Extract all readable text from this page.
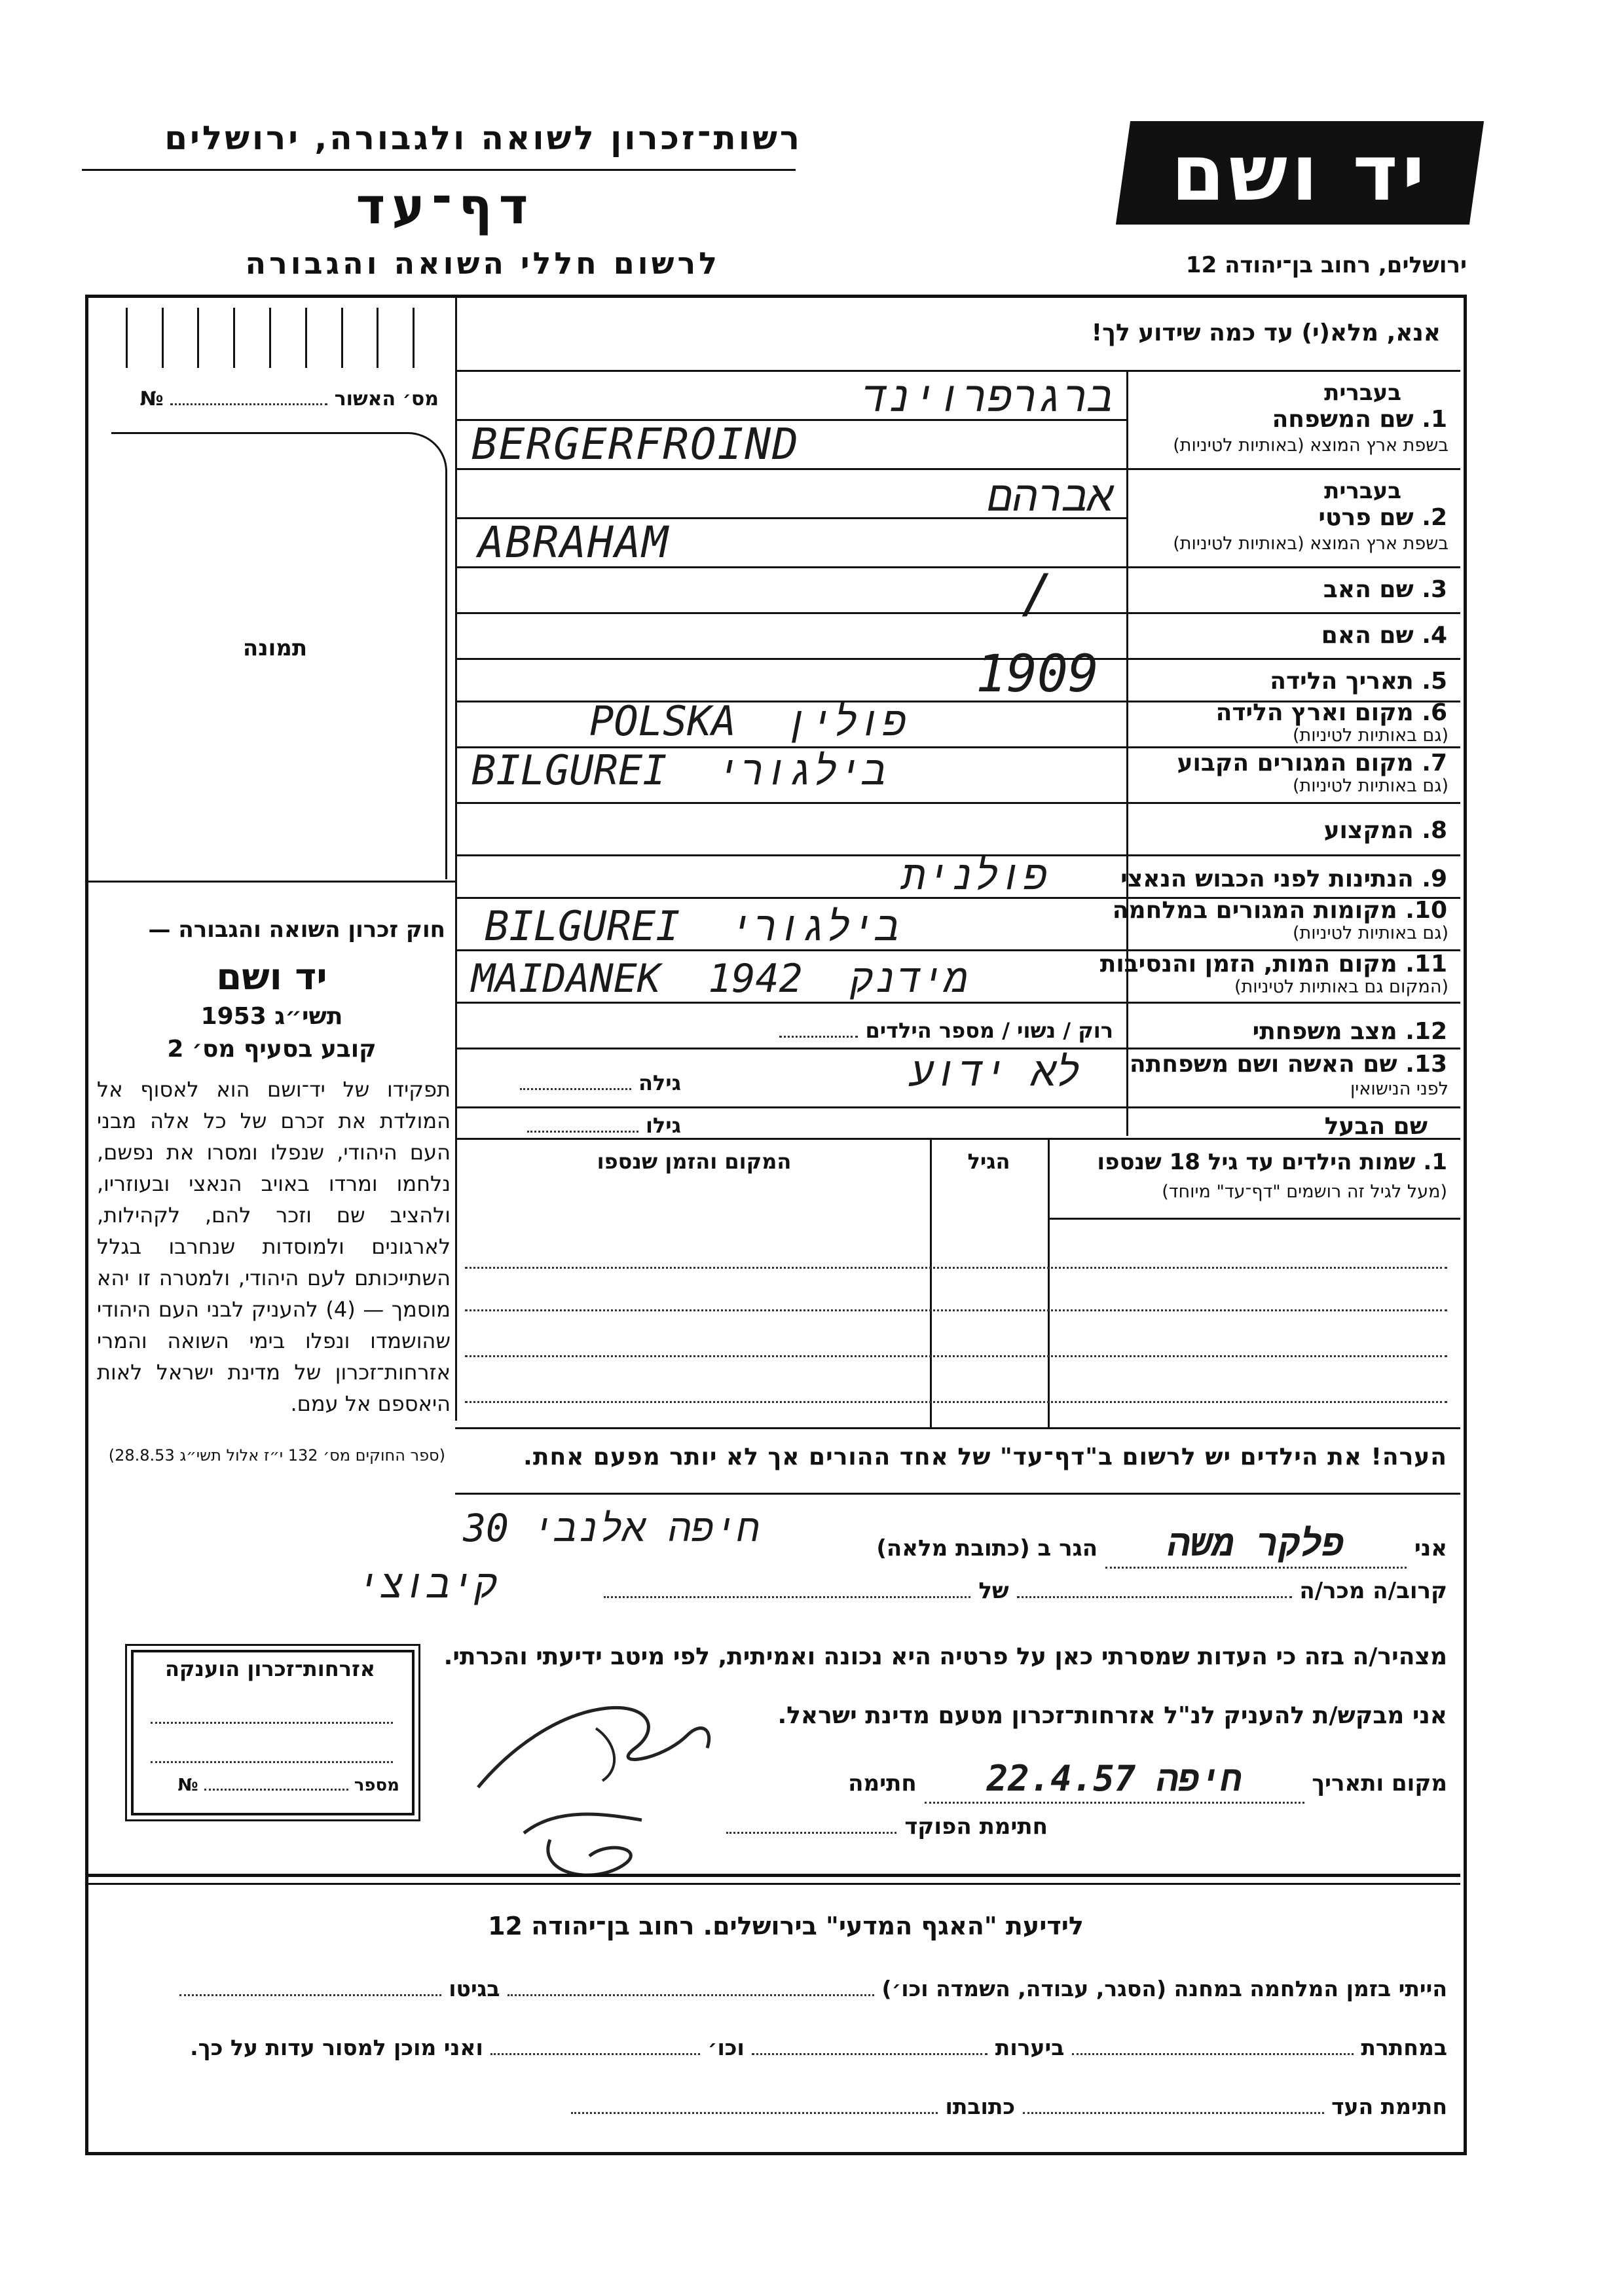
רשות־זכרון לשואה ולגבורה, ירושלים
דף־עד
לרשום חללי השואה והגבורה
יד ושם
ירושלים, רחוב בן־יהודה 12
אנא, מלא(י) עד כמה שידוע לך!
מס׳ האשור  №
תמונה
חוק זכרון השואה והגבורה —
יד ושם
תשי״ג 1953
קובע בסעיף מס׳ 2
תפקידו של יד־ושם הוא לאסוף אל המולדת את זכרם של כל אלה מבני העם היהודי, שנפלו ומסרו את נפשם, נלחמו ומרדו באויב הנאצי ובעוזריו, ולהציב שם וזכר להם, לקהילות, לארגונים ולמוסדות שנחרבו בגלל השתייכותם לעם היהודי, ולמטרה זו יהא מוסמך — (4) להעניק לבני העם היהודי שהושמדו ונפלו בימי השואה והמרי אזרחות־זכרון של מדינת ישראל לאות היאספם אל עמם.
(ספר החוקים מס׳ 132 י״ז אלול תשי״ג 28.8.53)
בעברית
1. שם המשפחה
בשפת ארץ המוצא (באותיות לטיניות)
ברגרפרוינד
BERGERFROIND
בעברית
2. שם פרטי
בשפת ארץ המוצא (באותיות לטיניות)
אברהם
ABRAHAM
3. שם האב
/
4. שם האם
5. תאריך הלידה
1909
6. מקום וארץ הלידה
(גם באותיות לטיניות)
POLSKA  פולין
7. מקום המגורים הקבוע
(גם באותיות לטיניות)
BILGUREI  בילגורי
8. המקצוע
9. הנתינות לפני הכבוש הנאצי
פולנית
10. מקומות המגורים במלחמה
(גם באותיות לטיניות)
BILGUREI  בילגורי
11. מקום המות, הזמן והנסיבות
(המקום גם באותיות לטיניות)
MAIDANEK  1942  מידנק
12. מצב משפחתי
רוק / נשוי / מספר הילדים
13. שם האשה ושם משפחתה
לפני הנישואין
לא ידוע
גילה
שם הבעל
גילו
1. שמות הילדים עד גיל 18 שנספו
(מעל לגיל זה רושמים "דף־עד" מיוחד)
הגיל
המקום והזמן שנספו
הערה! את הילדים יש לרשום ב"דף־עד" של אחד ההורים אך לא יותר מפעם אחת.
אני פלקר משה הגר ב (כתובת מלאה)
חיפה אלנבי 30
קרוב/ה מכר/ה  של
קיבוצי
מצהיר/ה בזה כי העדות שמסרתי כאן על פרטיה היא נכונה ואמיתית, לפי מיטב ידיעתי והכרתי.
אני מבקש/ת להעניק לנ"ל אזרחות־זכרון מטעם מדינת ישראל.
מקום ותאריך חיפה 22.4.57 חתימה
חתימת הפוקד
אזרחות־זכרון הוענקה
מספר  №
לידיעת "האגף המדעי" בירושלים. רחוב בן־יהודה 12
הייתי בזמן המלחמה במחנה (הסגר, עבודה, השמדה וכו׳)  בגיטו
במחתרת  ביערות  וכו׳  ואני מוכן למסור עדות על כך.
חתימת העד  כתובתו
